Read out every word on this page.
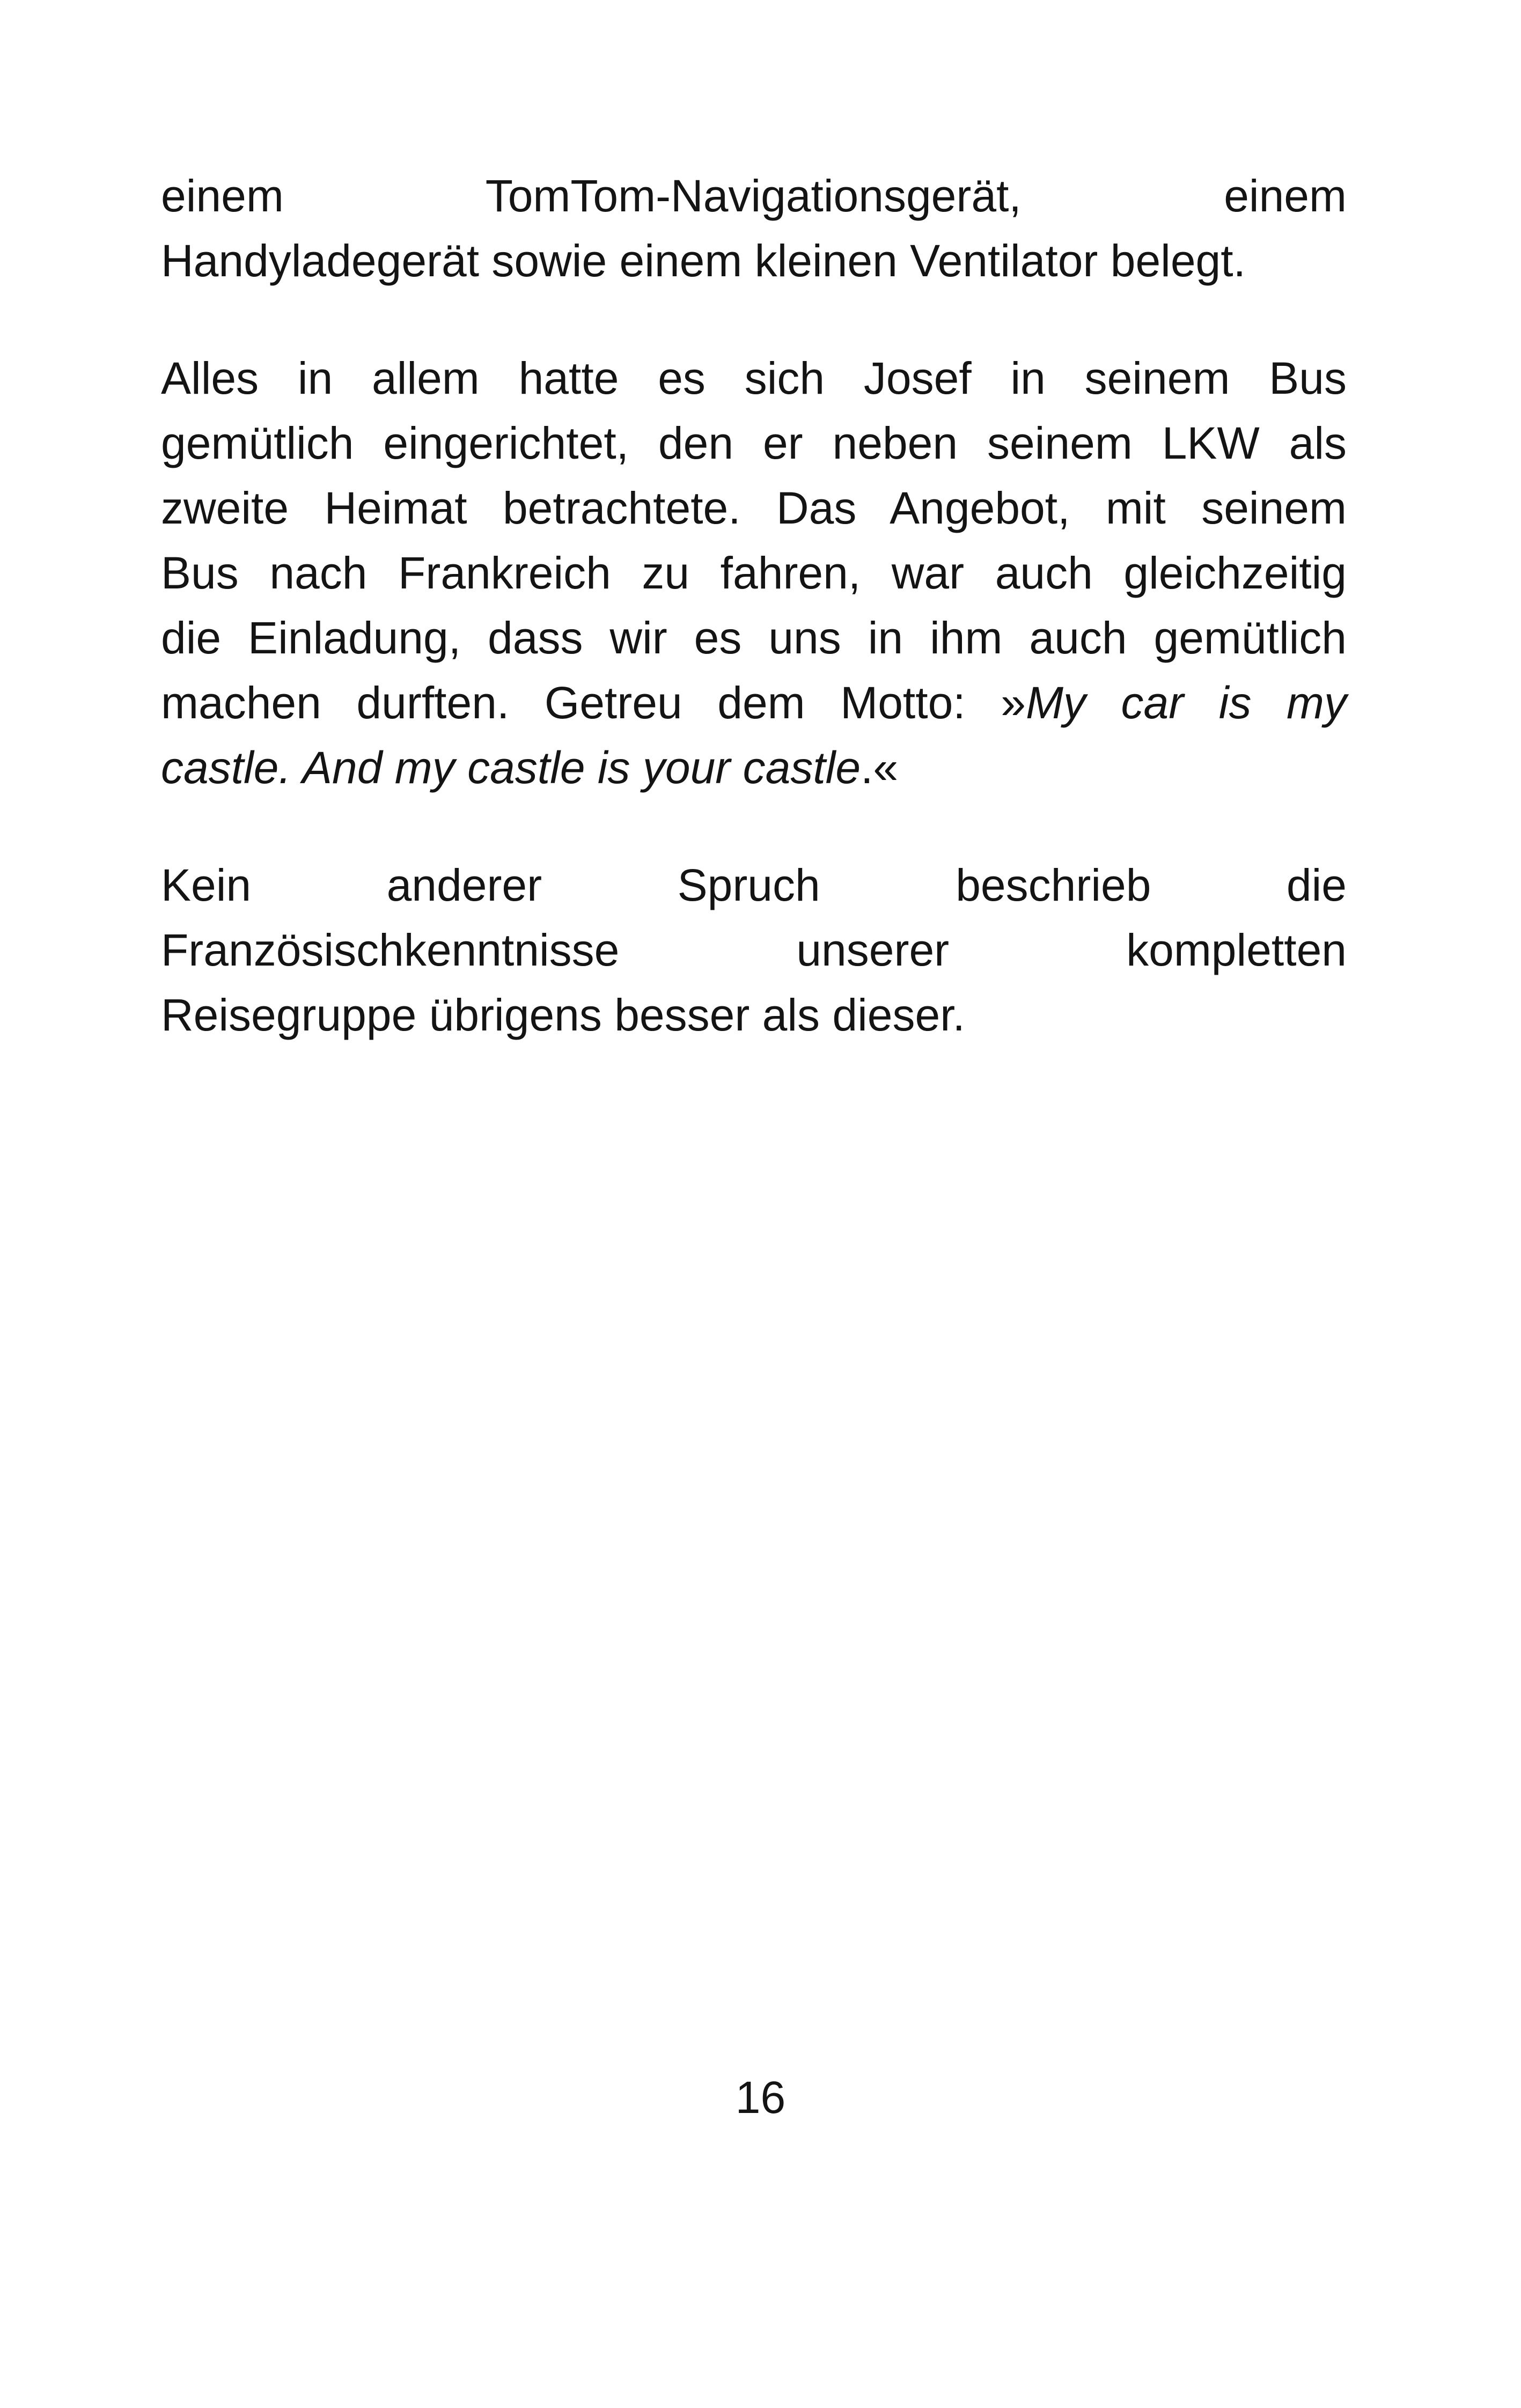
einem TomTom-Navigationsgerät, einem
Handyladegerät sowie einem kleinen Ventilator belegt.

Alles in allem hatte es sich Josef in seinem Bus
gemütlich eingerichtet, den er neben seinem LKW als
zweite Heimat betrachtete. Das Angebot, mit seinem
Bus nach Frankreich zu fahren, war auch gleichzeitig
die Einladung, dass wir es uns in ihm auch gemütlich
machen durften. Getreu dem Motto: »My car is my
castle. And my castle is your castle.«

Kein anderer Spruch beschrieb die
Französischkenntnisse unserer kompletten
Reisegruppe übrigens besser als dieser.

16
